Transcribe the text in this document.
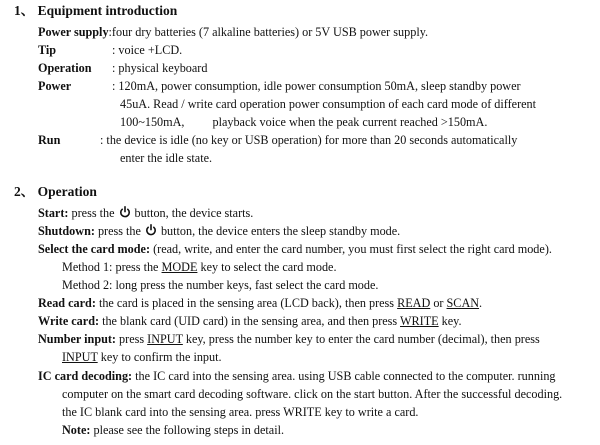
1、 Equipment introduction
Power supply:four dry batteries (7 alkaline batteries) or 5V USB power supply.
Tip	: voice +LCD.
Operation : physical keyboard
Power	: 120mA, power consumption, idle power consumption 50mA, sleep standby power
45uA. Read / write card operation power consumption of each card mode of different
100~150mA, playback voice when the peak current reached >150mA.
Run	: the device is idle (no key or USB operation) for more than 20 seconds automatically
enter the idle state.
2、 Operation
Start: press the button, the device starts.
Shutdown: press the button, the device enters the sleep standby mode.
Select the card mode: (read, write, and enter the card number, you must first select the right card mode).
Method 1: press the MODE key to select the card mode.
Method 2: long press the number keys, fast select the card mode.
Read card: the card is placed in the sensing area (LCD back), then press READ or SCAN.
Write card: the blank card (UID card) in the sensing area, and then press WRITE key.
Number input: press INPUT key, press the number key to enter the card number (decimal), then press
INPUT key to confirm the input.
IC card decoding: the IC card into the sensing area. using USB cable connected to the computer. running
computer on the smart card decoding software. click on the start button. After the successful decoding.
the IC blank card into the sensing area. press WRITE key to write a card.
Note: please see the following steps in detail.
